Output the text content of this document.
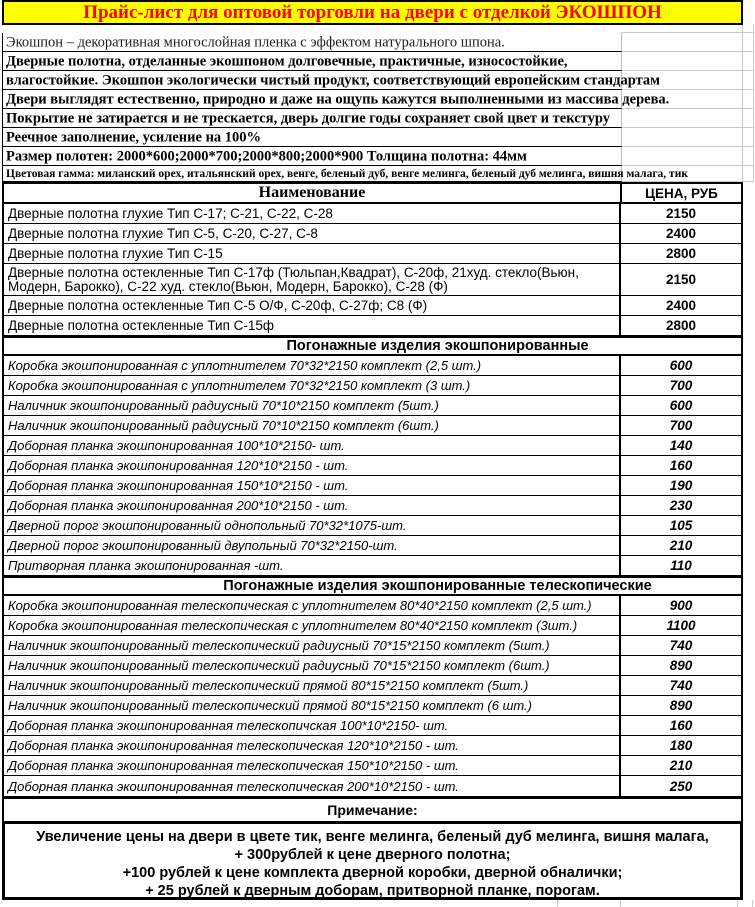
Прайс-лист для оптовой торговли на двери с отделкой ЭКОШПОН
Экошпон – декоративная многослойная пленка с эффектом натурального шпона.
Дверные полотна, отделанные экошпоном долговечные, практичные, износостойкие,
влагостойкие. Экошпон экологически чистый продукт, соответствующий европейским стандартам
Двери выглядят естественно, природно и даже на ощупь кажутся выполненными из массива дерева.
Покрытие не затирается и не трескается, дверь долгие годы сохраняет свой цвет и текстуру
Реечное заполнение, усиление на 100%
Размер полотен: 2000*600;2000*700;2000*800;2000*900 Толщина полотна: 44мм
Цветовая гамма: миланский орех, итальянский орех, венге, беленый дуб, венге мелинга, беленый дуб мелинга, вишня малага, тик
Наименование	ЦЕНА, РУБ
Дверные полотна глухие Тип С-17; С-21, С-22, С-28	2150
Дверные полотна глухие Тип С-5, С-20, С-27, С-8	2400
Дверные полотна глухие Тип С-15	2800
Дверные полотна остекленные Тип С-17ф (Тюльпан,Квадрат), С-20ф, 21худ. стекло(Вьюн, Модерн, Барокко), С-22 худ. стекло(Вьюн, Модерн, Барокко), С-28 (Ф)	2150
Дверные полотна остекленные Тип С-5 О/Ф, С-20ф, С-27ф; С8 (Ф)	2400
Дверные полотна остекленные Тип С-15ф	2800
Погонажные изделия экошпонированные
Коробка экошпонированная с уплотнителем 70*32*2150 комплект (2,5 шт.)	600
Коробка экошпонированная с уплотнителем 70*32*2150 комплект (3 шт.)	700
Наличник экошпонированный радиусный 70*10*2150 комплект (5шт.)	600
Наличник экошпонированный радиусный 70*10*2150 комплект (6шт.)	700
Доборная планка экошпонированная 100*10*2150- шт.	140
Доборная планка экошпонированная 120*10*2150 - шт.	160
Доборная планка экошпонированная 150*10*2150 - шт.	190
Доборная планка экошпонированная 200*10*2150 - шт.	230
Дверной порог экошпонированный однопольный 70*32*1075-шт.	105
Дверной порог экошпонированный двупольный 70*32*2150-шт.	210
Притворная планка экошпонированная -шт.	110
Погонажные изделия экошпонированные телескопические
Коробка экошпонированная телескопическая с уплотнителем 80*40*2150 комплект (2,5 шт.)	900
Коробка экошпонированная телескопическая с уплотнителем 80*40*2150 комплект (3шт.)	1100
Наличник экошпонированный телескопический радиусный 70*15*2150 комплект (5шт.)	740
Наличник экошпонированный телескопический радиусный 70*15*2150 комплект (6шт.)	890
Наличник экошпонированный телескопический прямой 80*15*2150 комплект (5шт.)	740
Наличник экошпонированный телескопический прямой 80*15*2150 комплект (6 шт.)	890
Доборная планка экошпонированная телескопичская 100*10*2150- шт.	160
Доборная планка экошпонированная телескопическая 120*10*2150 - шт.	180
Доборная планка экошпонированная телескопическая 150*10*2150 - шт.	210
Доборная планка экошпонированная телескопическая 200*10*2150 - шт.	250
Примечание:
Увеличение цены на двери в цвете тик, венге мелинга, беленый дуб мелинга, вишня малага,
+ 300рублей к цене дверного полотна;
+100 рублей к цене комплекта дверной коробки, дверной обналички;
+ 25 рублей к дверным доборам, притворной планке, порогам.
